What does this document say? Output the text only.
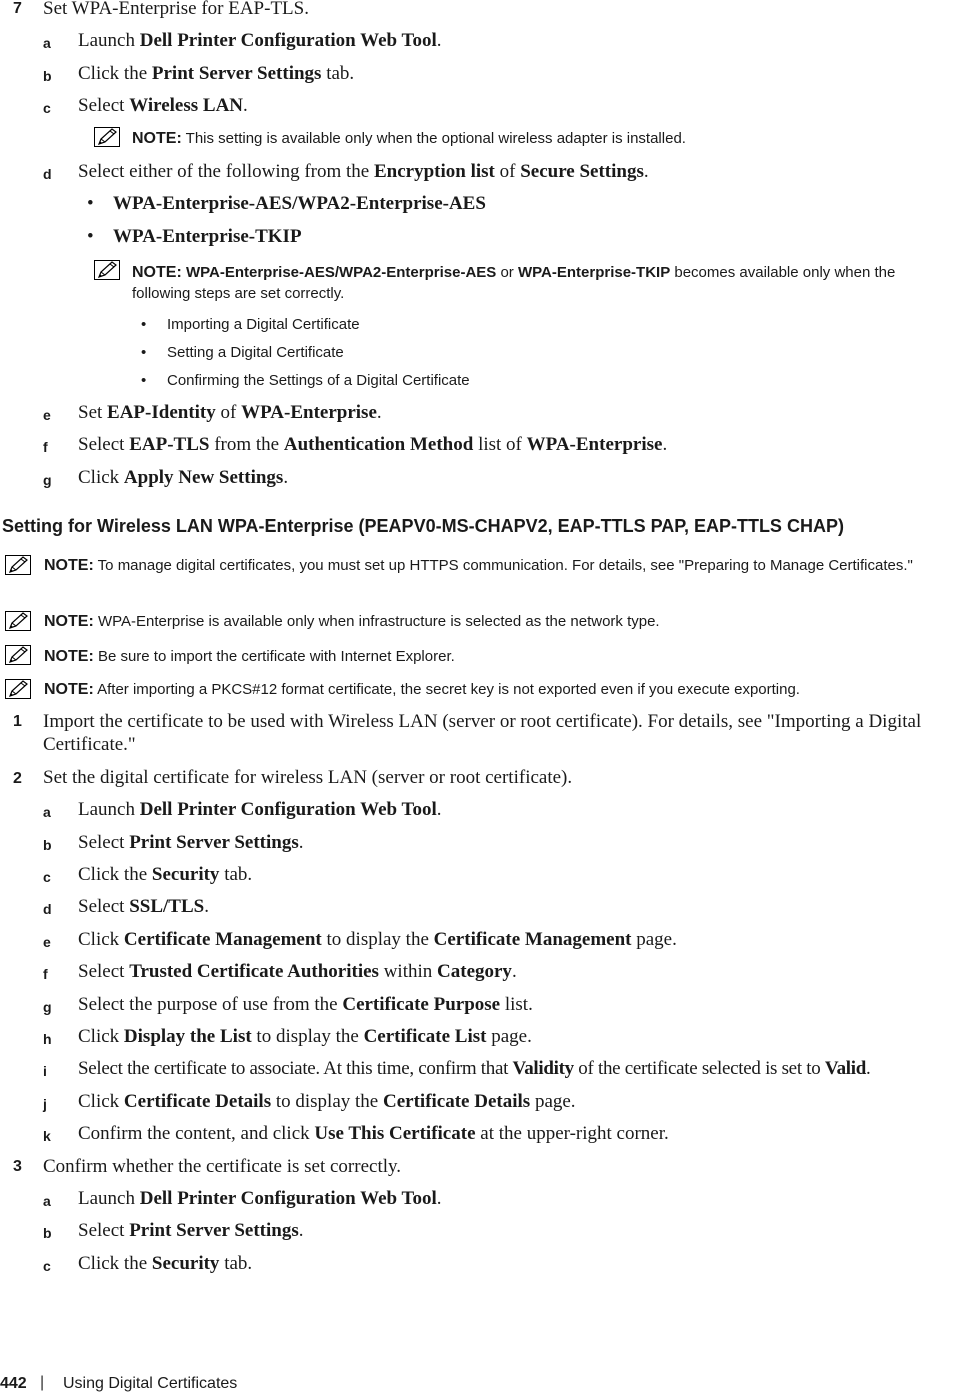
7 Set WPA-Enterprise for EAP-TLS.
a Launch Dell Printer Configuration Web Tool.
b Click the Print Server Settings tab.
c Select Wireless LAN.
NOTE: This setting is available only when the optional wireless adapter is installed.
d Select either of the following from the Encryption list of Secure Settings.
• WPA-Enterprise-AES/WPA2-Enterprise-AES
• WPA-Enterprise-TKIP
NOTE: WPA-Enterprise-AES/WPA2-Enterprise-AES or WPA-Enterprise-TKIP becomes available only when the following steps are set correctly.
• Importing a Digital Certificate
• Setting a Digital Certificate
• Confirming the Settings of a Digital Certificate
e Set EAP-Identity of WPA-Enterprise.
f Select EAP-TLS from the Authentication Method list of WPA-Enterprise.
g Click Apply New Settings.
Setting for Wireless LAN WPA-Enterprise (PEAPV0-MS-CHAPV2, EAP-TTLS PAP, EAP-TTLS CHAP)
NOTE: To manage digital certificates, you must set up HTTPS communication. For details, see "Preparing to Manage Certificates."
NOTE: WPA-Enterprise is available only when infrastructure is selected as the network type.
NOTE: Be sure to import the certificate with Internet Explorer.
NOTE: After importing a PKCS#12 format certificate, the secret key is not exported even if you execute exporting.
1 Import the certificate to be used with Wireless LAN (server or root certificate). For details, see "Importing a Digital
Certificate."
2 Set the digital certificate for wireless LAN (server or root certificate).
a Launch Dell Printer Configuration Web Tool.
b Select Print Server Settings.
c Click the Security tab.
d Select SSL/TLS.
e Click Certificate Management to display the Certificate Management page.
f Select Trusted Certificate Authorities within Category.
g Select the purpose of use from the Certificate Purpose list.
h Click Display the List to display the Certificate List page.
i Select the certificate to associate. At this time, confirm that Validity of the certificate selected is set to Valid.
j Click Certificate Details to display the Certificate Details page.
k Confirm the content, and click Use This Certificate at the upper-right corner.
3 Confirm whether the certificate is set correctly.
a Launch Dell Printer Configuration Web Tool.
b Select Print Server Settings.
c Click the Security tab.
442 | Using Digital Certificates
